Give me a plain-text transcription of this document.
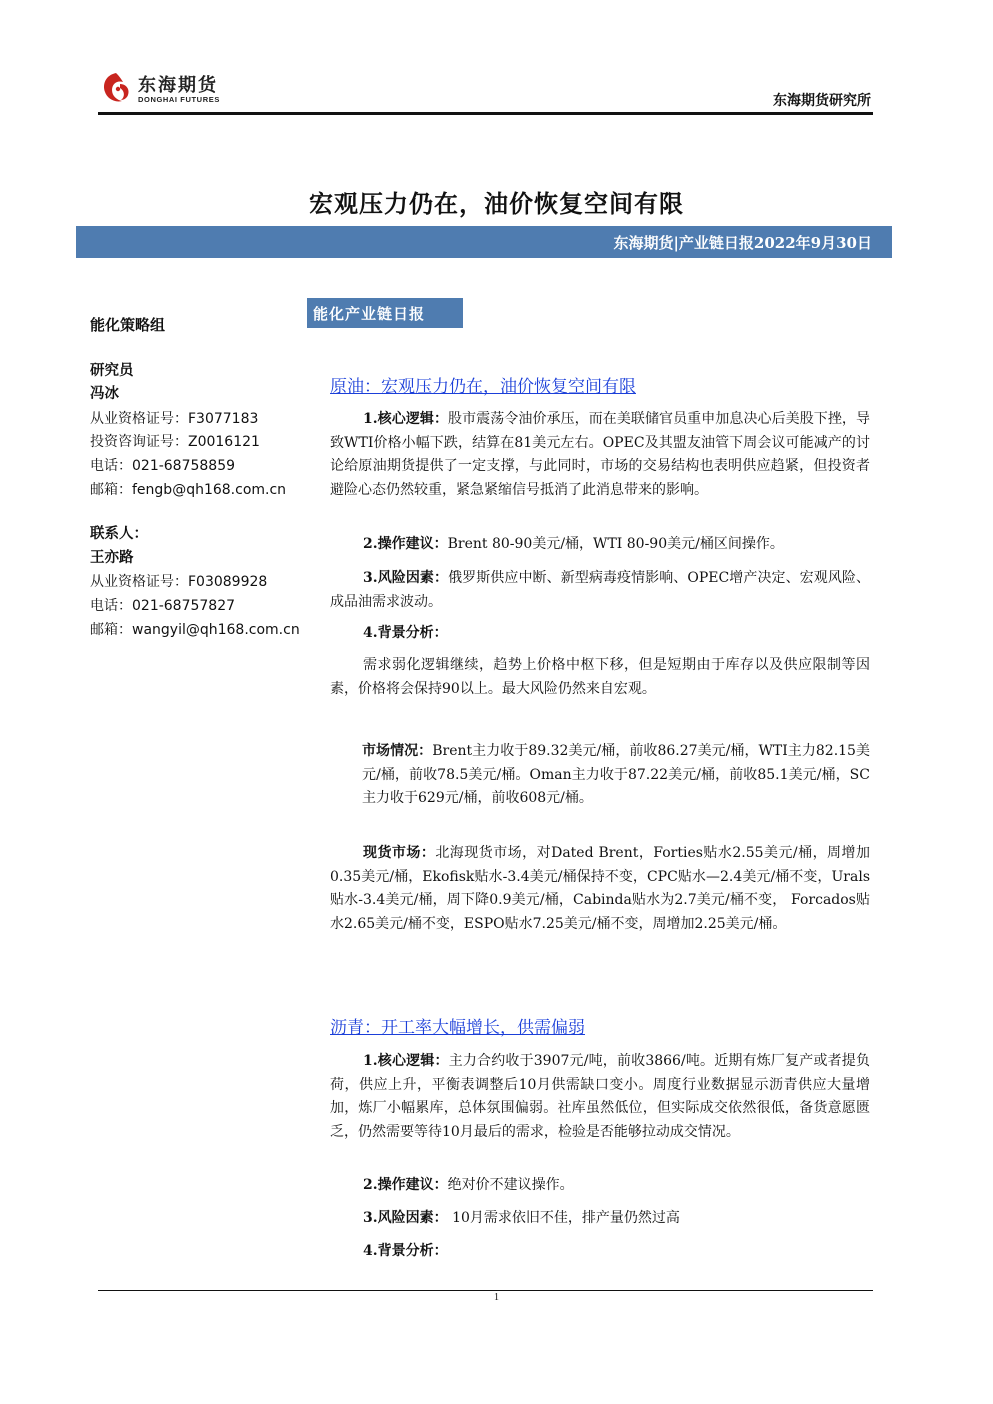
东海期货
DONGHAI FUTURES	东海期货研究所
宏观压力仍在，油价恢复空间有限
东海期货|产业链日报2022年9月30日
能化策略组
研究员
冯冰
从业资格证号：F3077183
投资咨询证号：Z0016121
电话：021-68758859
邮箱：fengb@qh168.com.cn
联系人：
王亦路
从业资格证号：F03089928
电话：021-68757827
邮箱：wangyil@qh168.com.cn
能化产业链日报
原油：宏观压力仍在，油价恢复空间有限
1.核心逻辑：股市震荡令油价承压，而在美联储官员重申加息决心后美股下挫，导致WTI价格小幅下跌，结算在81美元左右。OPEC及其盟友油管下周会议可能减产的讨论给原油期货提供了一定支撑，与此同时，市场的交易结构也表明供应趋紧，但投资者避险心态仍然较重，紧急紧缩信号抵消了此消息带来的影响。
2.操作建议：Brent 80-90美元/桶，WTI 80-90美元/桶区间操作。
3.风险因素：俄罗斯供应中断、新型病毒疫情影响、OPEC增产决定、宏观风险、成品油需求波动。
4.背景分析：
需求弱化逻辑继续，趋势上价格中枢下移，但是短期由于库存以及供应限制等因素，价格将会保持90以上。最大风险仍然来自宏观。
市场情况：Brent主力收于89.32美元/桶，前收86.27美元/桶，WTI主力82.15美元/桶，前收78.5美元/桶。Oman主力收于87.22美元/桶，前收85.1美元/桶，SC主力收于629元/桶，前收608元/桶。
现货市场：北海现货市场，对Dated Brent，Forties贴水2.55美元/桶，周增加0.35美元/桶，Ekofisk贴水-3.4美元/桶保持不变，CPC贴水—2.4美元/桶不变，Urals贴水-3.4美元/桶，周下降0.9美元/桶，Cabinda贴水为2.7美元/桶不变， Forcados贴水2.65美元/桶不变，ESPO贴水7.25美元/桶不变，周增加2.25美元/桶。
沥青：开工率大幅增长，供需偏弱
1.核心逻辑：主力合约收于3907元/吨，前收3866/吨。近期有炼厂复产或者提负荷，供应上升，平衡表调整后10月供需缺口变小。周度行业数据显示沥青供应大量增加，炼厂小幅累库，总体氛围偏弱。社库虽然低位，但实际成交依然很低，备货意愿匮乏，仍然需要等待10月最后的需求，检验是否能够拉动成交情况。
2.操作建议：绝对价不建议操作。
3.风险因素： 10月需求依旧不佳，排产量仍然过高
4.背景分析：
1
